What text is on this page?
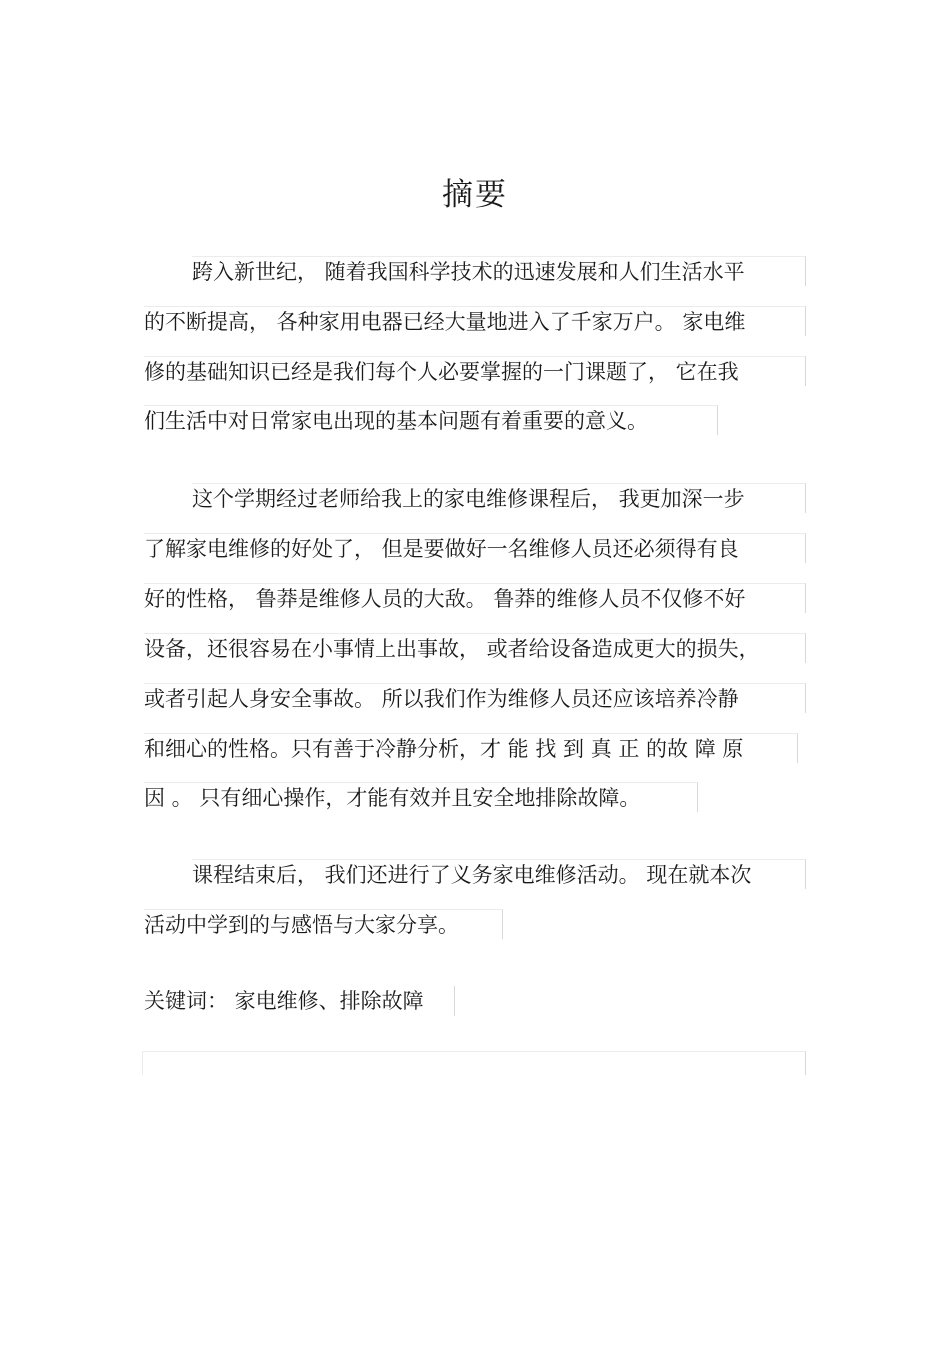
摘要
跨入新世纪， 随着我国科学技术的迅速发展和人们生活水平
的不断提高， 各种家用电器已经大量地进入了千家万户。 家电维
修的基础知识已经是我们每个人必要掌握的一门课题了， 它在我
们生活中对日常家电出现的基本问题有着重要的意义。
这个学期经过老师给我上的家电维修课程后， 我更加深一步
了解家电维修的好处了， 但是要做好一名维修人员还必须得有良
好的性格， 鲁莽是维修人员的大敌。 鲁莽的维修人员不仅修不好
设备，还很容易在小事情上出事故， 或者给设备造成更大的损失，
或者引起人身安全事故。 所以我们作为维修人员还应该培养冷静
和细心的性格。只有善于冷静分析，才 能 找 到 真 正 的故 障 原
因 。 只有细心操作，才能有效并且安全地排除故障。
课程结束后， 我们还进行了义务家电维修活动。 现在就本次
活动中学到的与感悟与大家分享。
关键词： 家电维修、排除故障
